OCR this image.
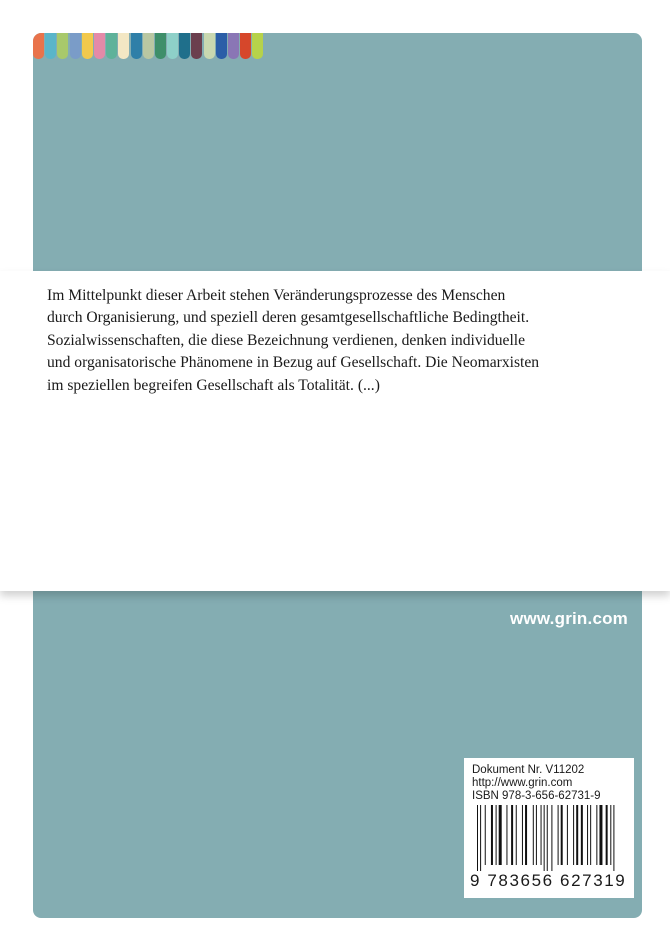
Im Mittelpunkt dieser Arbeit stehen Veränderungsprozesse des Menschen
durch Organisierung, und speziell deren gesamtgesellschaftliche Bedingtheit.
Sozialwissenschaften, die diese Bezeichnung verdienen, denken individuelle
und organisatorische Phänomene in Bezug auf Gesellschaft. Die Neomarxisten
im speziellen begreifen Gesellschaft als Totalität. (...)

www.grin.com
Dokument Nr. V11202
http://www.grin.com
ISBN 978-3-656-62731-9
9 783656 627319
